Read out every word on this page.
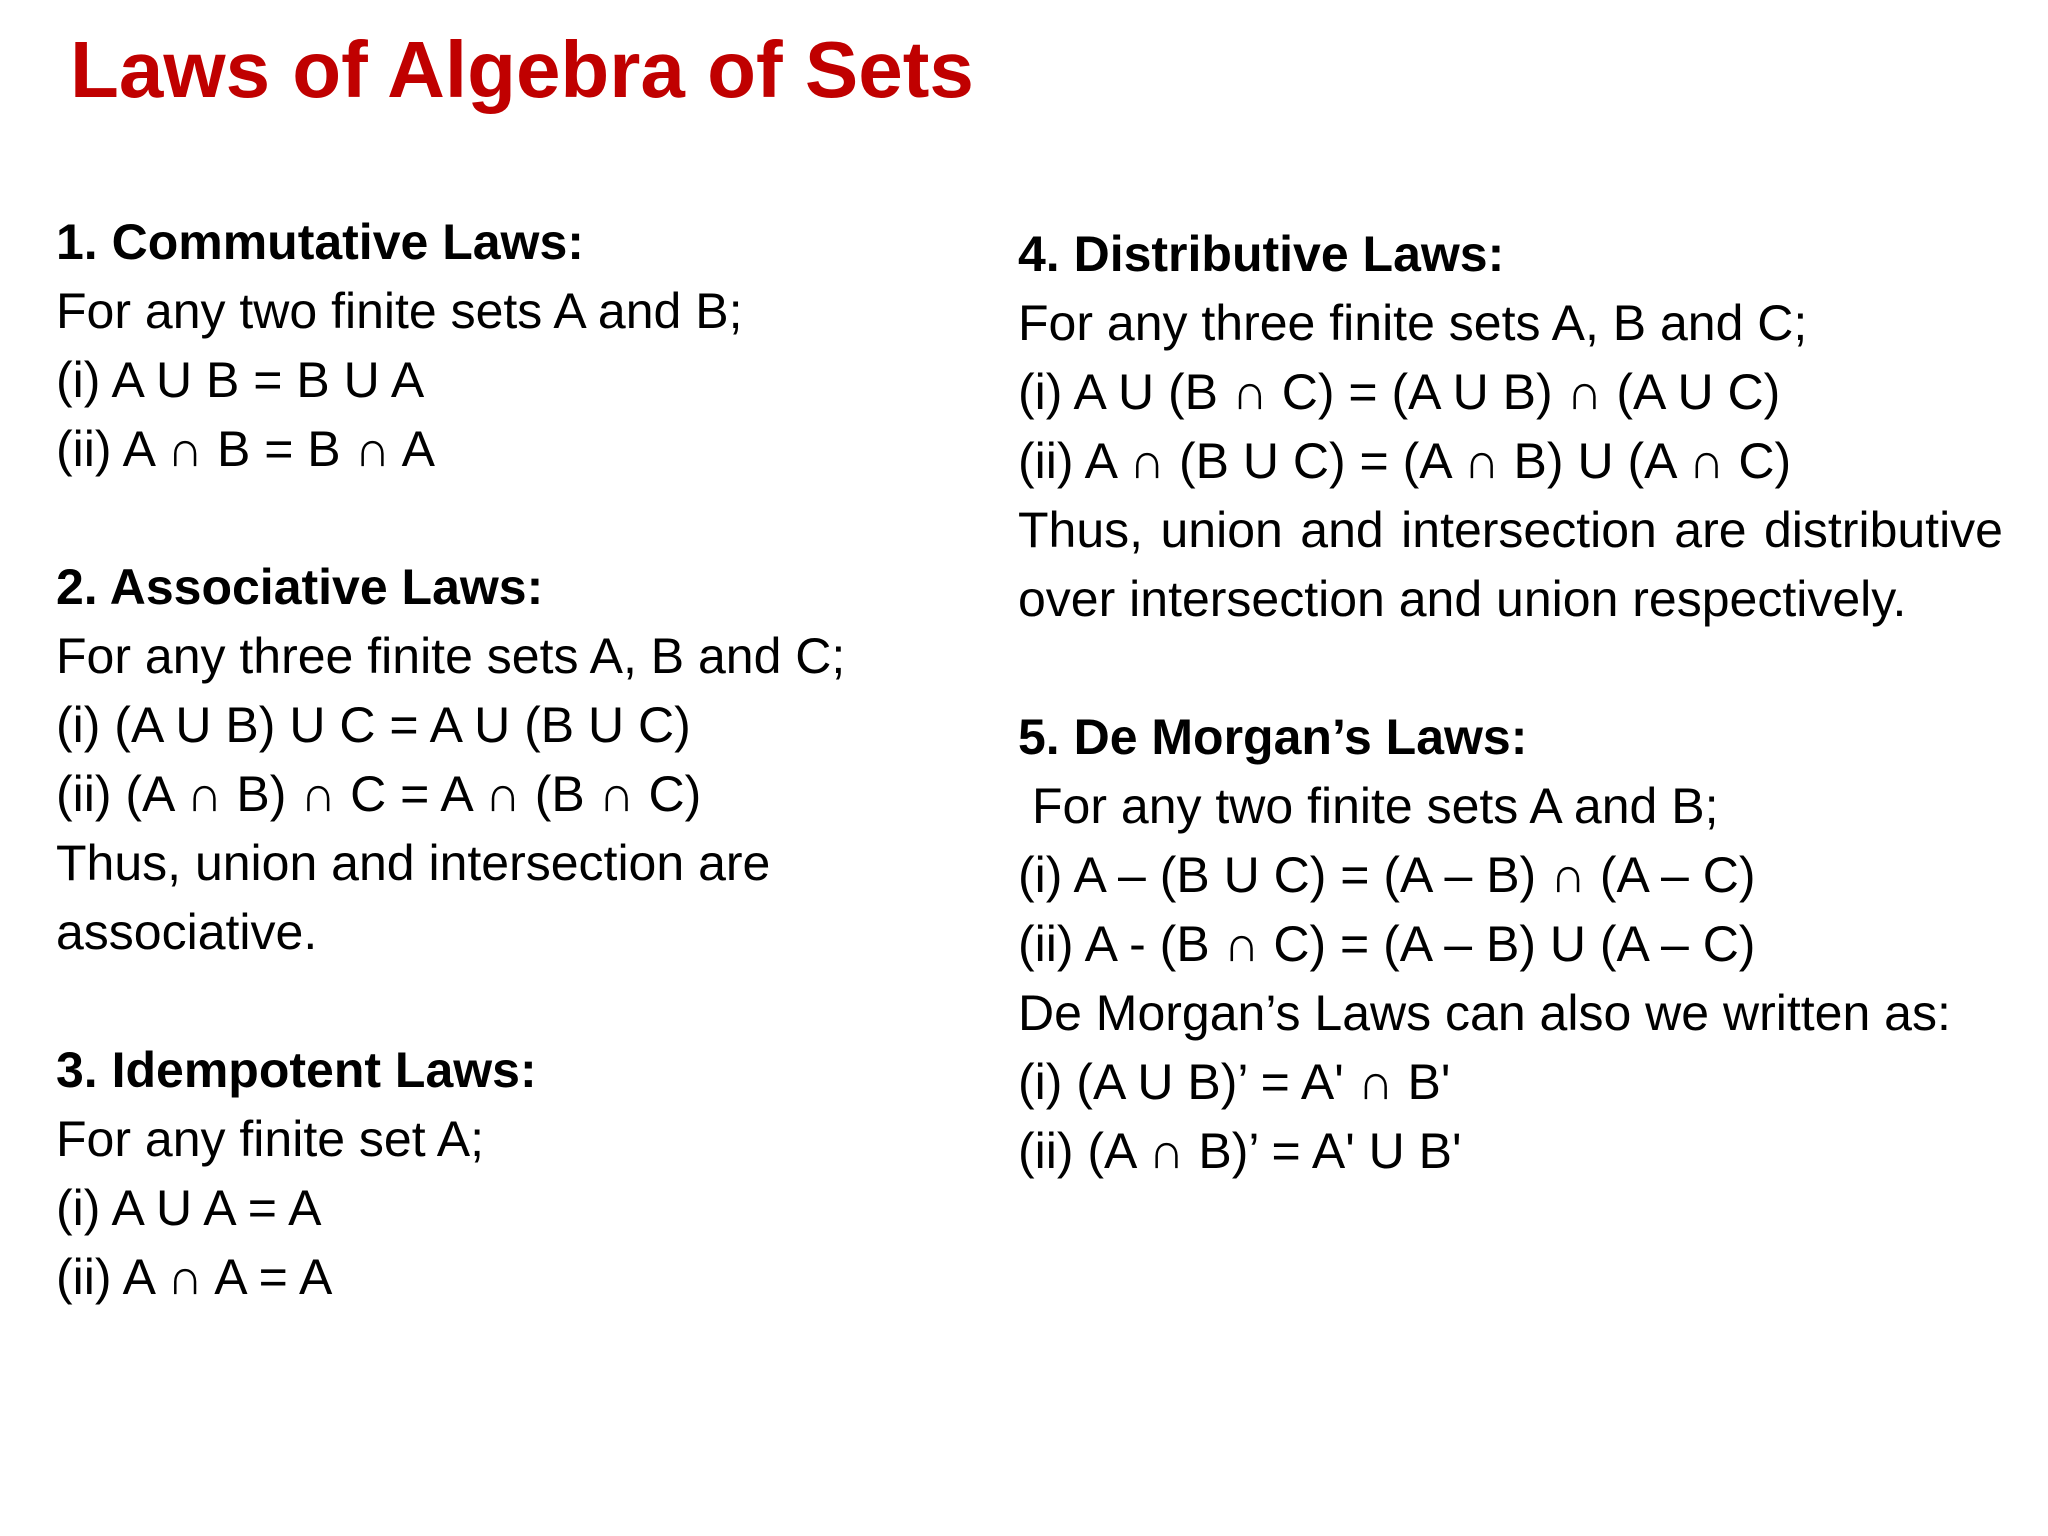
Laws of Algebra of Sets
1. Commutative Laws:
For any two finite sets A and B;
(i) A U B = B U A
(ii) A ∩ B = B ∩ A
2. Associative Laws:
For any three finite sets A, B and C;
(i) (A U B) U C = A U (B U C)
(ii) (A ∩ B) ∩ C = A ∩ (B ∩ C)
Thus, union and intersection are
associative.
3. Idempotent Laws:
For any finite set A;
(i) A U A = A
(ii) A ∩ A = A
4. Distributive Laws:
For any three finite sets A, B and C;
(i) A U (B ∩ C) = (A U B) ∩ (A U C)
(ii) A ∩ (B U C) = (A ∩ B) U (A ∩ C)
Thus, union and intersection are distributive over intersection and union respectively.
5. De Morgan’s Laws:
For any two finite sets A and B;
(i) A – (B U C) = (A – B) ∩ (A – C)
(ii) A - (B ∩ C) = (A – B) U (A – C)
De Morgan’s Laws can also we written as:
(i) (A U B)’ = A' ∩ B'
(ii) (A ∩ B)’ = A' U B'
